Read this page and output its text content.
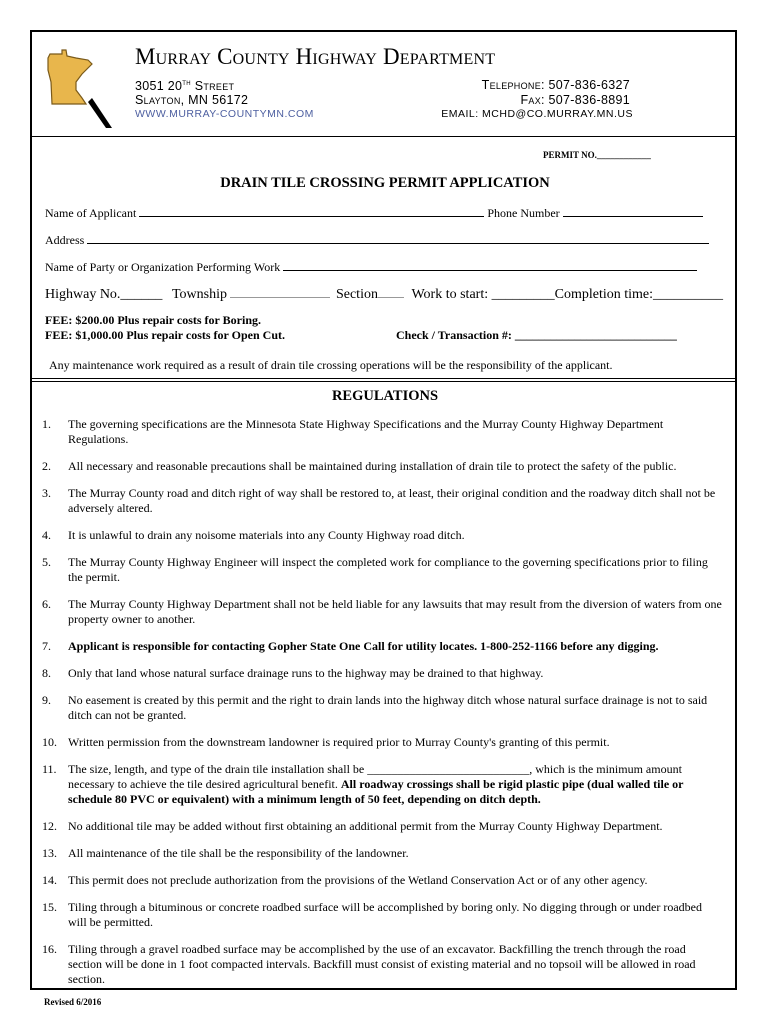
Murray County Highway Department
3051 20th Street
Slayton, MN 56172
WWW.MURRAY-COUNTYMN.COM
Telephone: 507-836-6327
Fax: 507-836-8891
EMAIL: MCHD@CO.MURRAY.MN.US
PERMIT NO.____________
DRAIN TILE CROSSING PERMIT APPLICATION
Name of Applicant	Phone Number
Address
Name of Party or Organization Performing Work
Highway No.______ Township	Section Work to start: _________Completion time:__________
FEE: $200.00 Plus repair costs for Boring.
FEE: $1,000.00 Plus repair costs for Open Cut.	Check / Transaction #: ___________________________
Any maintenance work required as a result of drain tile crossing operations will be the responsibility of the applicant.
REGULATIONS
1.	The governing specifications are the Minnesota State Highway Specifications and the Murray County Highway Department Regulations.
2.	All necessary and reasonable precautions shall be maintained during installation of drain tile to protect the safety of the public.
3.	The Murray County road and ditch right of way shall be restored to, at least, their original condition and the roadway ditch shall not be adversely altered.
4.	It is unlawful to drain any noisome materials into any County Highway road ditch.
5.	The Murray County Highway Engineer will inspect the completed work for compliance to the governing specifications prior to filing the permit.
6.	The Murray County Highway Department shall not be held liable for any lawsuits that may result from the diversion of waters from one property owner to another.
7.	Applicant is responsible for contacting Gopher State One Call for utility locates. 1-800-252-1166 before any digging.
8.	Only that land whose natural surface drainage runs to the highway may be drained to that highway.
9.	No easement is created by this permit and the right to drain lands into the highway ditch whose natural surface drainage is not to said ditch can not be granted.
10. Written permission from the downstream landowner is required prior to Murray County's granting of this permit.
11. The size, length, and type of the drain tile installation shall be ___________________________, which is the minimum amount necessary to achieve the tile desired agricultural benefit. All roadway crossings shall be rigid plastic pipe (dual walled tile or schedule 80 PVC or equivalent) with a minimum length of 50 feet, depending on ditch depth.
12. No additional tile may be added without first obtaining an additional permit from the Murray County Highway Department.
13. All maintenance of the tile shall be the responsibility of the landowner.
14. This permit does not preclude authorization from the provisions of the Wetland Conservation Act or of any other agency.
15. Tiling through a bituminous or concrete roadbed surface will be accomplished by boring only. No digging through or under roadbed will be permitted.
16. Tiling through a gravel roadbed surface may be accomplished by the use of an excavator. Backfilling the trench through the road section will be done in 1 foot compacted intervals. Backfill must consist of existing material and no topsoil will be allowed in road section.
Revised 6/2016
